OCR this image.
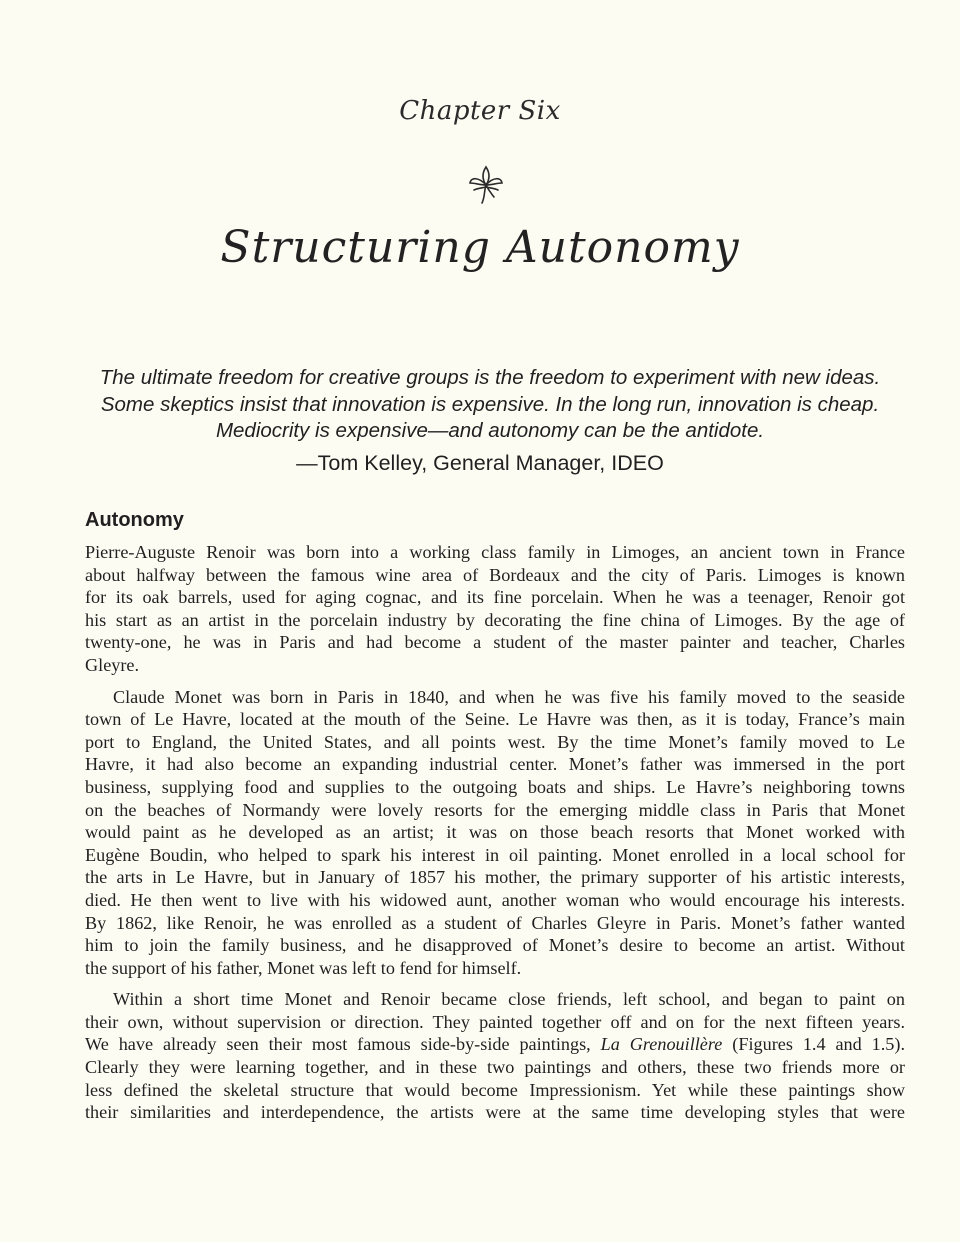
Chapter Six
Structuring Autonomy
The ultimate freedom for creative groups is the freedom to experiment with new ideas.
Some skeptics insist that innovation is expensive. In the long run, innovation is cheap.
Mediocrity is expensive—and autonomy can be the antidote.
—Tom Kelley, General Manager, IDEO
Autonomy

Pierre-Auguste Renoir was born into a working class family in Limoges, an ancient town in France
about halfway between the famous wine area of Bordeaux and the city of Paris. Limoges is known
for its oak barrels, used for aging cognac, and its fine porcelain. When he was a teenager, Renoir got
his start as an artist in the porcelain industry by decorating the fine china of Limoges. By the age of
twenty-one, he was in Paris and had become a student of the master painter and teacher, Charles
Gleyre.

Claude Monet was born in Paris in 1840, and when he was five his family moved to the seaside
town of Le Havre, located at the mouth of the Seine. Le Havre was then, as it is today, France’s main
port to England, the United States, and all points west. By the time Monet’s family moved to Le
Havre, it had also become an expanding industrial center. Monet’s father was immersed in the port
business, supplying food and supplies to the outgoing boats and ships. Le Havre’s neighboring towns
on the beaches of Normandy were lovely resorts for the emerging middle class in Paris that Monet
would paint as he developed as an artist; it was on those beach resorts that Monet worked with
Eugène Boudin, who helped to spark his interest in oil painting. Monet enrolled in a local school for
the arts in Le Havre, but in January of 1857 his mother, the primary supporter of his artistic interests,
died. He then went to live with his widowed aunt, another woman who would encourage his interests.
By 1862, like Renoir, he was enrolled as a student of Charles Gleyre in Paris. Monet’s father wanted
him to join the family business, and he disapproved of Monet’s desire to become an artist. Without
the support of his father, Monet was left to fend for himself.

Within a short time Monet and Renoir became close friends, left school, and began to paint on
their own, without supervision or direction. They painted together off and on for the next fifteen years.
We have already seen their most famous side-by-side paintings, La Grenouillère (Figures 1.4 and 1.5).
Clearly they were learning together, and in these two paintings and others, these two friends more or
less defined the skeletal structure that would become Impressionism. Yet while these paintings show
their similarities and interdependence, the artists were at the same time developing styles that were
